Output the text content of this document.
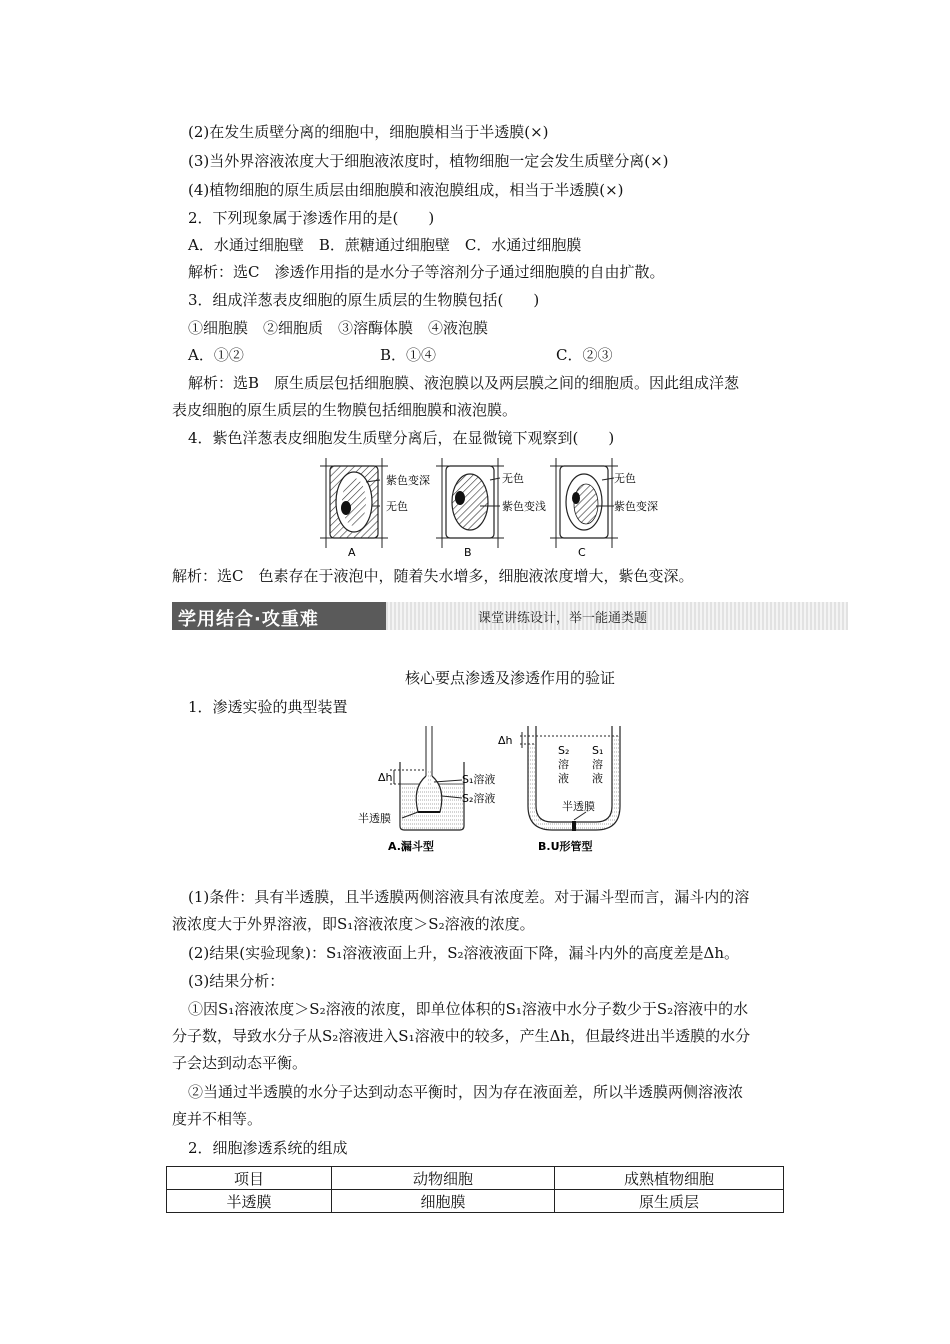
(2)在发生质壁分离的细胞中，细胞膜相当于半透膜(×)
(3)当外界溶液浓度大于细胞液浓度时，植物细胞一定会发生质壁分离(×)
(4)植物细胞的原生质层由细胞膜和液泡膜组成，相当于半透膜(×)
2．下列现象属于渗透作用的是(　　)
A．水通过细胞壁　B．蔗糖通过细胞壁　C．水通过细胞膜
解析：选C　渗透作用指的是水分子等溶剂分子通过细胞膜的自由扩散。
3．组成洋葱表皮细胞的原生质层的生物膜包括(　　)
①细胞膜　②细胞质　③溶酶体膜　④液泡膜
A．①②	B．①④	C．②③
解析：选B　原生质层包括细胞膜、液泡膜以及两层膜之间的细胞质。因此组成洋葱
表皮细胞的原生质层的生物膜包括细胞膜和液泡膜。
4．紫色洋葱表皮细胞发生质壁分离后，在显微镜下观察到(　　)
紫色变深
无色
A
无色
紫色变浅
B
无色
紫色变深
C
解析：选C　色素存在于液泡中，随着失水增多，细胞液浓度增大，紫色变深。
学用结合·攻重难	课堂讲练设计，举一能通类题
核心要点渗透及渗透作用的验证
1．渗透实验的典型装置
Δh	S₁溶液
S₂溶液
半透膜
A.漏斗型
Δh
S₂
溶
液
S₁
溶
液
半透膜
B.U形管型
(1)条件：具有半透膜，且半透膜两侧溶液具有浓度差。对于漏斗型而言，漏斗内的溶
液浓度大于外界溶液，即S₁溶液浓度＞S₂溶液的浓度。
(2)结果(实验现象)：S₁溶液液面上升，S₂溶液液面下降，漏斗内外的高度差是Δh。
(3)结果分析：
①因S₁溶液浓度＞S₂溶液的浓度，即单位体积的S₁溶液中水分子数少于S₂溶液中的水
分子数，导致水分子从S₂溶液进入S₁溶液中的较多，产生Δh，但最终进出半透膜的水分
子会达到动态平衡。
②当通过半透膜的水分子达到动态平衡时，因为存在液面差，所以半透膜两侧溶液浓
度并不相等。
2．细胞渗透系统的组成
项目	动物细胞	成熟植物细胞
半透膜	细胞膜	原生质层
